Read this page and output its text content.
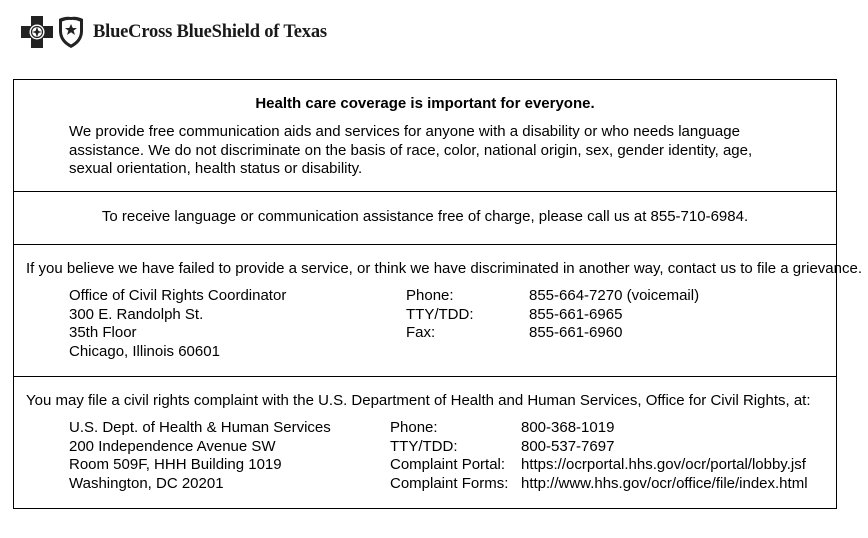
BlueCross BlueShield of Texas
Health care coverage is important for everyone.
We provide free communication aids and services for anyone with a disability or who needs language assistance. We do not discriminate on the basis of race, color, national origin, sex, gender identity, age, sexual orientation, health status or disability.
To receive language or communication assistance free of charge, please call us at 855-710-6984.
If you believe we have failed to provide a service, or think we have discriminated in another way, contact us to file a grievance.
Office of Civil Rights Coordinator
300 E. Randolph St.
35th Floor
Chicago, Illinois 60601
Phone:	855-664-7270 (voicemail)
TTY/TDD:	855-661-6965
Fax:	855-661-6960
You may file a civil rights complaint with the U.S. Department of Health and Human Services, Office for Civil Rights, at:
U.S. Dept. of Health & Human Services
200 Independence Avenue SW
Room 509F, HHH Building 1019
Washington, DC 20201
Phone:	800-368-1019
TTY/TDD:	800-537-7697
Complaint Portal:	https://ocrportal.hhs.gov/ocr/portal/lobby.jsf
Complaint Forms:	http://www.hhs.gov/ocr/office/file/index.html
